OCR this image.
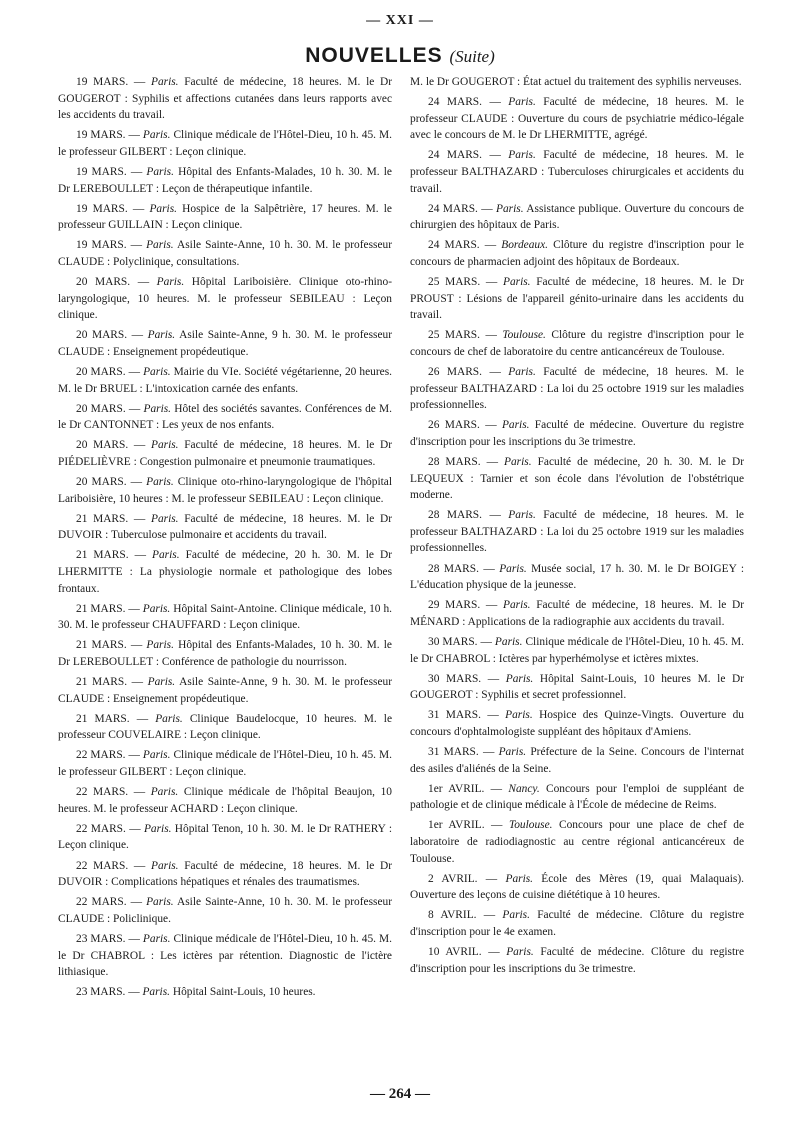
— XXI —
NOUVELLES (Suite)

19 MARS. — Paris. Faculté de médecine, 18 heures. M. le Dr GOUGEROT : Syphilis et affections cutanées dans leurs rapports avec les accidents du travail.

19 MARS. — Paris. Clinique médicale de l'Hôtel-Dieu, 10 h. 45. M. le professeur GILBERT : Leçon clinique.

19 MARS. — Paris. Hôpital des Enfants-Malades, 10 h. 30. M. le Dr LEREBOULLET : Leçon de thérapeutique infantile.

19 MARS. — Paris. Hospice de la Salpêtrière, 17 heures. M. le professeur GUILLAIN : Leçon clinique.

19 MARS. — Paris. Asile Sainte-Anne, 10 h. 30. M. le professeur CLAUDE : Polyclinique, consultations.

20 MARS. — Paris. Hôpital Lariboisière. Clinique oto-rhino-laryngologique, 10 heures. M. le professeur SEBILEAU : Leçon clinique.

20 MARS. — Paris. Asile Sainte-Anne, 9 h. 30. M. le professeur CLAUDE : Enseignement propédeutique.

20 MARS. — Paris. Mairie du VIe. Société végétarienne, 20 heures. M. le Dr BRUEL : L'intoxication carnée des enfants.

20 MARS. — Paris. Hôtel des sociétés savantes. Conférences de M. le Dr CANTONNET : Les yeux de nos enfants.

20 MARS. — Paris. Faculté de médecine, 18 heures. M. le Dr PIÉDELIÈVRE : Congestion pulmonaire et pneumonie traumatiques.

20 MARS. — Paris. Clinique oto-rhino-laryngologique de l'hôpital Lariboisière, 10 heures : M. le professeur SEBILEAU : Leçon clinique.

21 MARS. — Paris. Faculté de médecine, 18 heures. M. le Dr DUVOIR : Tuberculose pulmonaire et accidents du travail.

21 MARS. — Paris. Faculté de médecine, 20 h. 30. M. le Dr LHERMITTE : La physiologie normale et pathologique des lobes frontaux.

21 MARS. — Paris. Hôpital Saint-Antoine. Clinique médicale, 10 h. 30. M. le professeur CHAUFFARD : Leçon clinique.

21 MARS. — Paris. Hôpital des Enfants-Malades, 10 h. 30. M. le Dr LEREBOULLET : Conférence de pathologie du nourrisson.

21 MARS. — Paris. Asile Sainte-Anne, 9 h. 30. M. le professeur CLAUDE : Enseignement propédeutique.

21 MARS. — Paris. Clinique Baudelocque, 10 heures. M. le professeur COUVELAIRE : Leçon clinique.

22 MARS. — Paris. Clinique médicale de l'Hôtel-Dieu, 10 h. 45. M. le professeur GILBERT : Leçon clinique.

22 MARS. — Paris. Clinique médicale de l'hôpital Beaujon, 10 heures. M. le professeur ACHARD : Leçon clinique.

22 MARS. — Paris. Hôpital Tenon, 10 h. 30. M. le Dr RATHERY : Leçon clinique.

22 MARS. — Paris. Faculté de médecine, 18 heures. M. le Dr DUVOIR : Complications hépatiques et rénales des traumatismes.

22 MARS. — Paris. Asile Sainte-Anne, 10 h. 30. M. le professeur CLAUDE : Policlinique.

23 MARS. — Paris. Clinique médicale de l'Hôtel-Dieu, 10 h. 45. M. le Dr CHABROL : Les ictères par rétention. Diagnostic de l'ictère lithiasique.

23 MARS. — Paris. Hôpital Saint-Louis, 10 heures.

M. le Dr GOUGEROT : État actuel du traitement des syphilis nerveuses.

24 MARS. — Paris. Faculté de médecine, 18 heures. M. le professeur CLAUDE : Ouverture du cours de psychiatrie médico-légale avec le concours de M. le Dr LHERMITTE, agrégé.

24 MARS. — Paris. Faculté de médecine, 18 heures. M. le professeur BALTHAZARD : Tuberculoses chirurgicales et accidents du travail.

24 MARS. — Paris. Assistance publique. Ouverture du concours de chirurgien des hôpitaux de Paris.

24 MARS. — Bordeaux. Clôture du registre d'inscription pour le concours de pharmacien adjoint des hôpitaux de Bordeaux.

25 MARS. — Paris. Faculté de médecine, 18 heures. M. le Dr PROUST : Lésions de l'appareil génito-urinaire dans les accidents du travail.

25 MARS. — Toulouse. Clôture du registre d'inscription pour le concours de chef de laboratoire du centre anticancéreux de Toulouse.

26 MARS. — Paris. Faculté de médecine, 18 heures. M. le professeur BALTHAZARD : La loi du 25 octobre 1919 sur les maladies professionnelles.

26 MARS. — Paris. Faculté de médecine. Ouverture du registre d'inscription pour les inscriptions du 3e trimestre.

28 MARS. — Paris. Faculté de médecine, 20 h. 30. M. le Dr LEQUEUX : Tarnier et son école dans l'évolution de l'obstétrique moderne.

28 MARS. — Paris. Faculté de médecine, 18 heures. M. le professeur BALTHAZARD : La loi du 25 octobre 1919 sur les maladies professionnelles.

28 MARS. — Paris. Musée social, 17 h. 30. M. le Dr BOIGEY : L'éducation physique de la jeunesse.

29 MARS. — Paris. Faculté de médecine, 18 heures. M. le Dr MÉNARD : Applications de la radiographie aux accidents du travail.

30 MARS. — Paris. Clinique médicale de l'Hôtel-Dieu, 10 h. 45. M. le Dr CHABROL : Ictères par hyperhémolyse et ictères mixtes.

30 MARS. — Paris. Hôpital Saint-Louis, 10 heures M. le Dr GOUGEROT : Syphilis et secret professionnel.

31 MARS. — Paris. Hospice des Quinze-Vingts. Ouverture du concours d'ophtalmologiste suppléant des hôpitaux d'Amiens.

31 MARS. — Paris. Préfecture de la Seine. Concours de l'internat des asiles d'aliénés de la Seine.

1er AVRIL. — Nancy. Concours pour l'emploi de suppléant de pathologie et de clinique médicale à l'École de médecine de Reims.

1er AVRIL. — Toulouse. Concours pour une place de chef de laboratoire de radiodiagnostic au centre régional anticancéreux de Toulouse.

2 AVRIL. — Paris. École des Mères (19, quai Malaquais). Ouverture des leçons de cuisine diététique à 10 heures.

8 AVRIL. — Paris. Faculté de médecine. Clôture du registre d'inscription pour le 4e examen.

10 AVRIL. — Paris. Faculté de médecine. Clôture du registre d'inscription pour les inscriptions du 3e trimestre.

— 264 —
